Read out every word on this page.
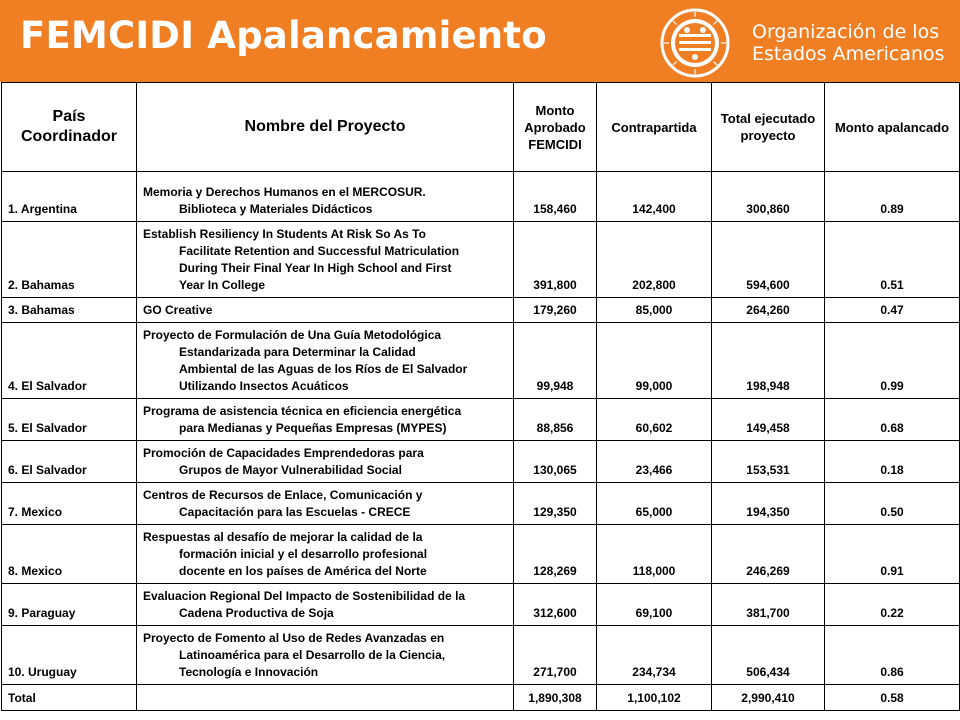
FEMCIDI Apalancamiento	Organización de los
Estados Americanos
País Coordinador	Nombre del Proyecto	Monto Aprobado FEMCIDI	Contrapartida	Total ejecutado proyecto	Monto apalancado
1. Argentina	Memoria y Derechos Humanos en el MERCOSUR.
Biblioteca y Materiales Didácticos	158,460	142,400	300,860	0.89
2. Bahamas	Establish Resiliency In Students At Risk So As To
Facilitate Retention and Successful Matriculation
During Their Final Year In High School and First
Year In College	391,800	202,800	594,600	0.51
3. Bahamas	GO Creative	179,260	85,000	264,260	0.47
4. El Salvador	Proyecto de Formulación de Una Guía Metodológica
Estandarizada para Determinar la Calidad
Ambiental de las Aguas de los Ríos de El Salvador
Utilizando Insectos Acuáticos	99,948	99,000	198,948	0.99
5. El Salvador	Programa de asistencia técnica en eficiencia energética
para Medianas y Pequeñas Empresas (MYPES)	88,856	60,602	149,458	0.68
6. El Salvador	Promoción de Capacidades Emprendedoras para
Grupos de Mayor Vulnerabilidad Social	130,065	23,466	153,531	0.18
7. Mexico	Centros de Recursos de Enlace, Comunicación y
Capacitación para las Escuelas - CRECE	129,350	65,000	194,350	0.50
8. Mexico	Respuestas al desafío de mejorar la calidad de la
formación inicial y el desarrollo profesional
docente en los países de América del Norte	128,269	118,000	246,269	0.91
9. Paraguay	Evaluacion Regional Del Impacto de Sostenibilidad de la
Cadena Productiva de Soja	312,600	69,100	381,700	0.22
10. Uruguay	Proyecto de Fomento al Uso de Redes Avanzadas en
Latinoamérica para el Desarrollo de la Ciencia,
Tecnología e Innovación	271,700	234,734	506,434	0.86
Total		1,890,308	1,100,102	2,990,410	0.58
